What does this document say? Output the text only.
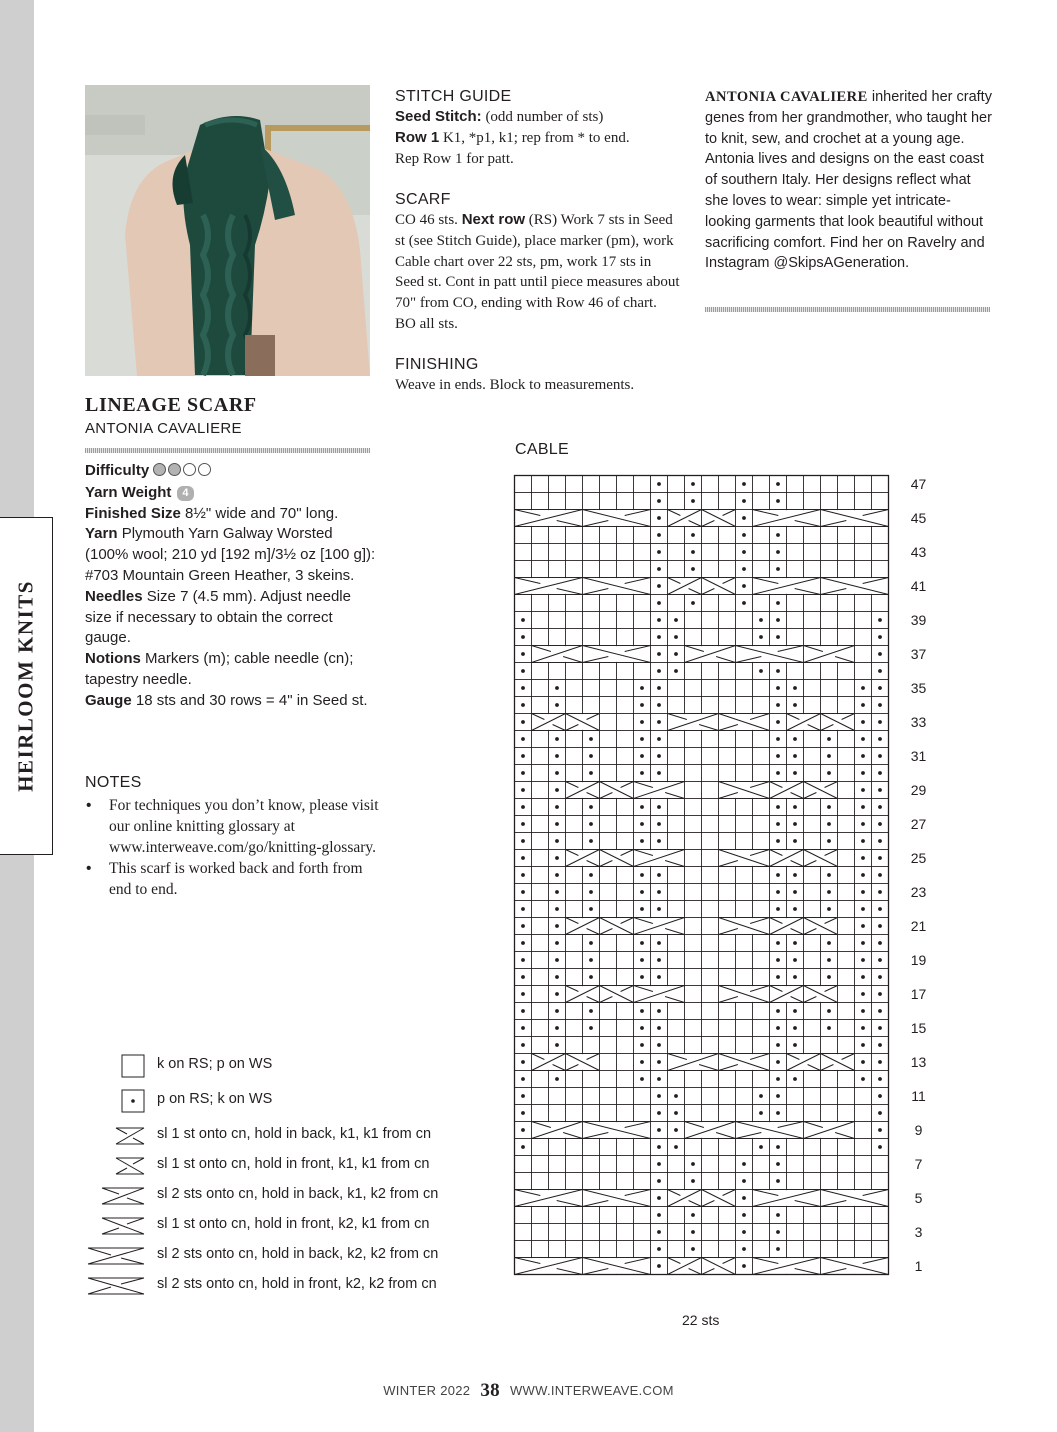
HEIRLOOM KNITS
LINEAGE SCARF
ANTONIA CAVALIERE

Difficulty

Yarn Weight 4

Finished Size 8½" wide and 70" long.

Yarn Plymouth Yarn Galway Worsted (100% wool; 210 yd [192 m]/3½ oz [100 g]): #703 Mountain Green Heather, 3 skeins.

Needles Size 7 (4.5 mm). Adjust needle size if necessary to obtain the correct gauge.

Notions Markers (m); cable needle (cn); tapestry needle.

Gauge 18 sts and 30 rows = 4" in Seed st.

NOTES
• For techniques you don’t know, please visit our online knitting glossary at www.interweave.com/go/knitting-glossary.
• This scarf is worked back and forth from end to end.
STITCH GUIDE

Seed Stitch: (odd number of sts)

Row 1 K1, *p1, k1; rep from * to end.

Rep Row 1 for patt.

SCARF

CO 46 sts. Next row (RS) Work 7 sts in Seed st (see Stitch Guide), place marker (pm), work Cable chart over 22 sts, pm, work 17 sts in Seed st. Cont in patt until piece measures about 70" from CO, ending with Row 46 of chart. BO all sts.

FINISHING

Weave in ends. Block to measurements.

ANTONIA CAVALIERE inherited her crafty genes from her grandmother, who taught her to knit, sew, and crochet at a young age. Antonia lives and designs on the east coast of southern Italy. Her designs reflect what she loves to wear: simple yet intricate-looking garments that look beautiful without sacrificing comfort. Find her on Ravelry and Instagram @SkipsAGeneration.

CABLE
1
3
5
7
9
11
13
15
17
19
21
23
25
27
29
31
33
35
37
39
41
43
45
47
22 sts
k on RS; p on WS
p on RS; k on WS
sl 1 st onto cn, hold in back, k1, k1 from cn
sl 1 st onto cn, hold in front, k1, k1 from cn
sl 2 sts onto cn, hold in back, k1, k2 from cn
sl 1 st onto cn, hold in front, k2, k1 from cn
sl 2 sts onto cn, hold in back, k2, k2 from cn
sl 2 sts onto cn, hold in front, k2, k2 from cn
WINTER 2022 38 WWW.INTERWEAVE.COM
